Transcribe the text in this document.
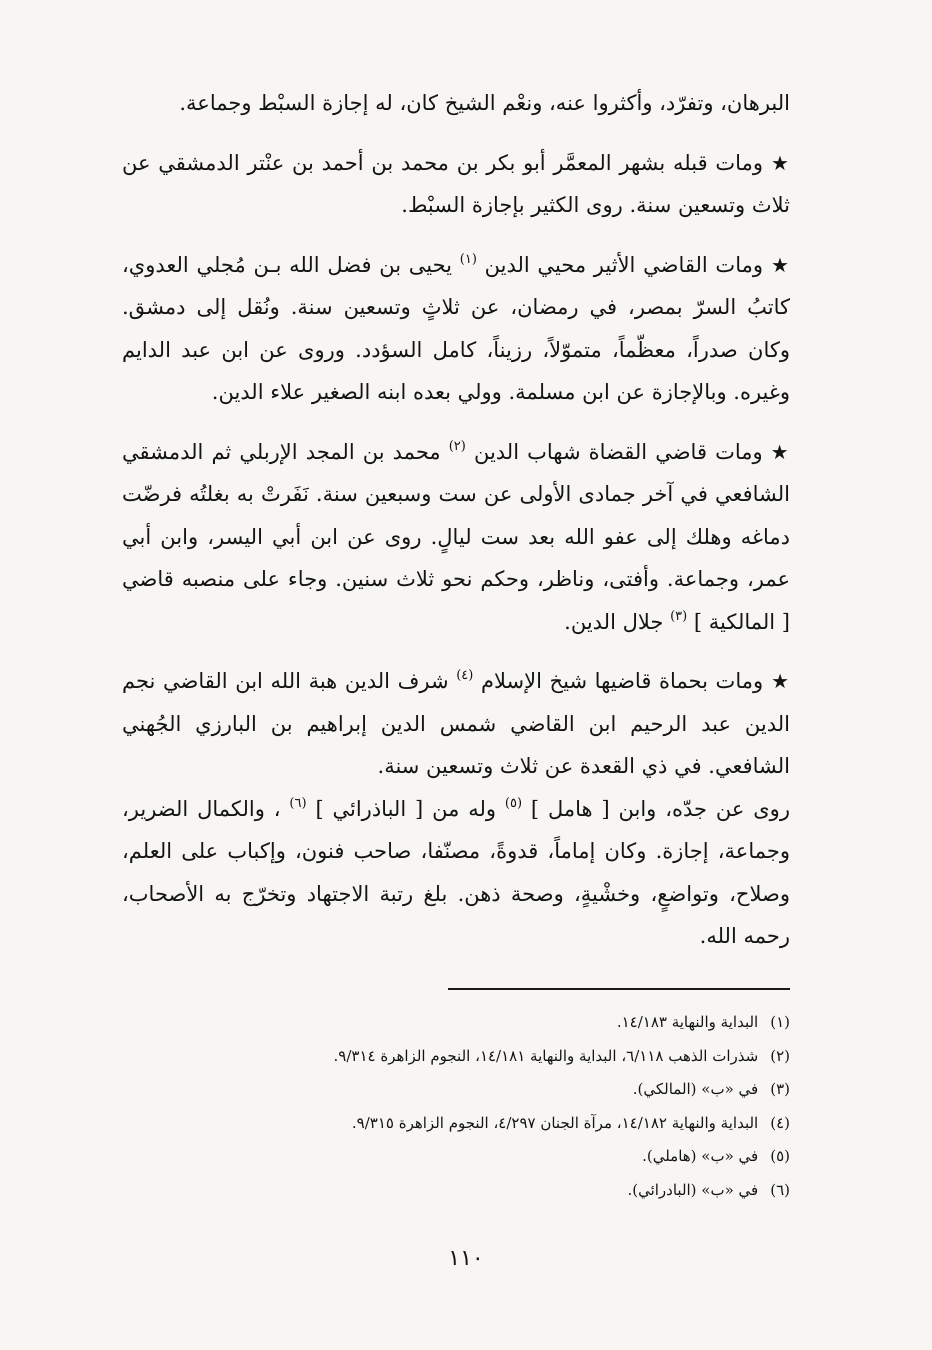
البرهان، وتفرّد، وأكثروا عنه، ونعْم الشيخ كان، له إجازة السبْط وجماعة.

★ومات قبله بشهر المعمَّر أبو بكر بن محمد بن أحمد بن عنْتر الدمشقي عن ثلاث وتسعين سنة. روى الكثير بإجازة السبْط.

★ومات القاضي الأثير محيي الدين $^{(١)}$ يحيى بن فضل الله بـن مُجلي العدوي، كاتبُ السرّ بمصر، في رمضان، عن ثلاثٍ وتسعين سنة. ونُقل إلى دمشق. وكان صدراً، معظّماً، متموّلاً، رزيناً، كامل السؤدد. وروى عن ابن عبد الدايم وغيره. وبالإجازة عن ابن مسلمة. وولي بعده ابنه الصغير علاء الدين.

★ومات قاضي القضاة شهاب الدين $^{(٢)}$ محمد بن المجد الإربلي ثم الدمشقي الشافعي في آخر جمادى الأولى عن ست وسبعين سنة. نَفَرتْ به بغلتُه فرضّت دماغه وهلك إلى عفو الله بعد ست ليالٍ. روى عن ابن أبي اليسر، وابن أبي عمر، وجماعة. وأفتى، وناظر، وحكم نحو ثلاث سنين. وجاء على منصبه قاضي [ المالكية ] $^{(٣)}$ جلال الدين.

★ومات بحماة قاضيها شيخ الإسلام $^{(٤)}$ شرف الدين هبة الله ابن القاضي نجم الدين عبد الرحيم ابن القاضي شمس الدين إبراهيم بن البارزي الجُهني الشافعي. في ذي القعدة عن ثلاث وتسعين سنة.

روى عن جدّه، وابن [ هامل ] $^{(٥)}$ وله من [ الباذرائي ] $^{(٦)}$ ، والكمال الضرير، وجماعة، إجازة. وكان إماماً، قدوةً، مصنّفا، صاحب فنون، وإكباب على العلم، وصلاح، وتواضعٍ، وخشْيةٍ، وصحة ذهن. بلغ رتبة الاجتهاد وتخرّج به الأصحاب، رحمه الله.

(١)البداية والنهاية ١٤/١٨٣.
(٢)شذرات الذهب ٦/١١٨، البداية والنهاية ١٤/١٨١، النجوم الزاهرة ٩/٣١٤.
(٣)في «ب» (المالكي).
(٤)البداية والنهاية ١٤/١٨٢، مرآة الجنان ٤/٢٩٧، النجوم الزاهرة ٩/٣١٥.
(٥)في «ب» (هاملي).
(٦)في «ب» (البادرائي).
١١٠
